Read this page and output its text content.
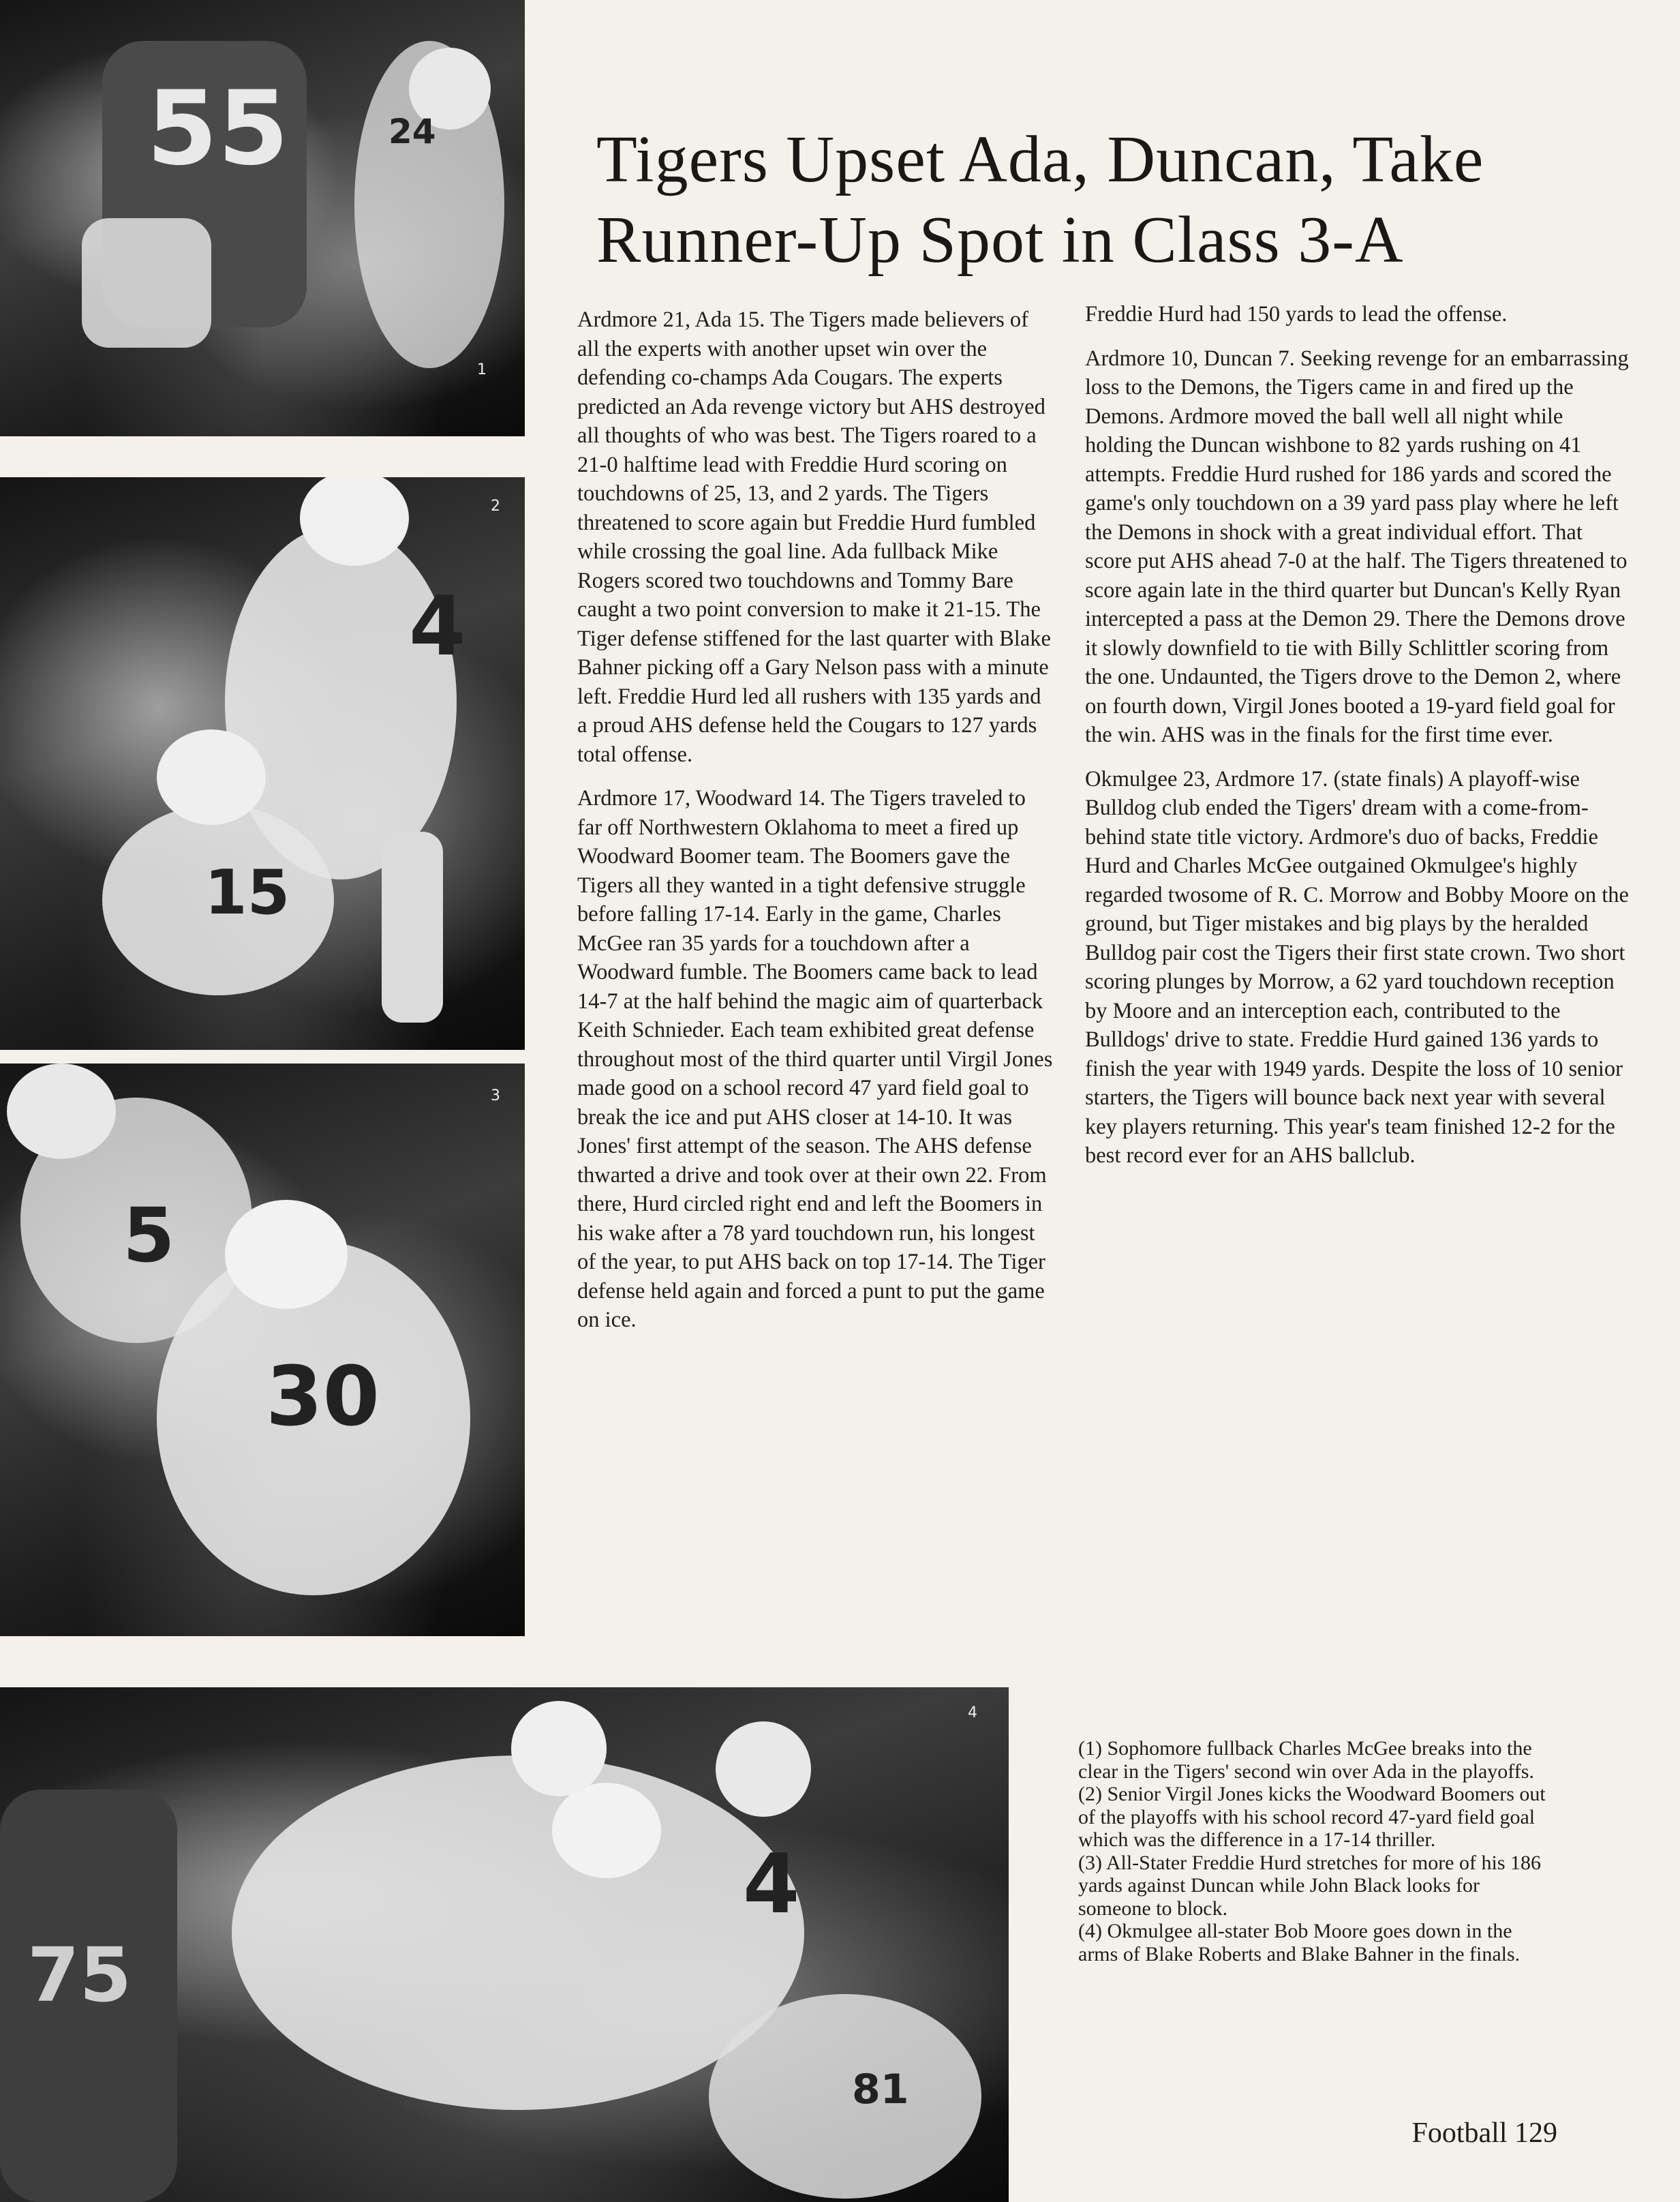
55	24
1
4
15
2
5
30
3
75
4
81
4
Tigers Upset Ada, Duncan, Take
Runner-Up Spot in Class 3-A

Ardmore 21, Ada 15. The Tigers made believers of all the experts with another upset win over the defending co-champs Ada Cougars. The experts predicted an Ada revenge victory but AHS destroyed all thoughts of who was best. The Tigers roared to a 21-0 halftime lead with Freddie Hurd scoring on touchdowns of 25, 13, and 2 yards. The Tigers threatened to score again but Freddie Hurd fumbled while crossing the goal line. Ada fullback Mike Rogers scored two touchdowns and Tommy Bare caught a two point conversion to make it 21-15. The Tiger defense stiffened for the last quarter with Blake Bahner picking off a Gary Nelson pass with a minute left. Freddie Hurd led all rushers with 135 yards and a proud AHS defense held the Cougars to 127 yards total offense.

Ardmore 17, Woodward 14. The Tigers traveled to far off Northwestern Oklahoma to meet a fired up Woodward Boomer team. The Boomers gave the Tigers all they wanted in a tight defensive struggle before falling 17-14. Early in the game, Charles McGee ran 35 yards for a touchdown after a Woodward fumble. The Boomers came back to lead 14-7 at the half behind the magic aim of quarterback Keith Schnieder. Each team exhibited great defense throughout most of the third quarter until Virgil Jones made good on a school record 47 yard field goal to break the ice and put AHS closer at 14-10. It was Jones' first attempt of the season. The AHS defense thwarted a drive and took over at their own 22. From there, Hurd circled right end and left the Boomers in his wake after a 78 yard touchdown run, his longest of the year, to put AHS back on top 17-14. The Tiger defense held again and forced a punt to put the game on ice.

Freddie Hurd had 150 yards to lead the offense.

Ardmore 10, Duncan 7. Seeking revenge for an embarrassing loss to the Demons, the Tigers came in and fired up the Demons. Ardmore moved the ball well all night while holding the Duncan wishbone to 82 yards rushing on 41 attempts. Freddie Hurd rushed for 186 yards and scored the game's only touchdown on a 39 yard pass play where he left the Demons in shock with a great individual effort. That score put AHS ahead 7-0 at the half. The Tigers threatened to score again late in the third quarter but Duncan's Kelly Ryan intercepted a pass at the Demon 29. There the Demons drove it slowly downfield to tie with Billy Schlittler scoring from the one. Undaunted, the Tigers drove to the Demon 2, where on fourth down, Virgil Jones booted a 19-yard field goal for the win. AHS was in the finals for the first time ever.

Okmulgee 23, Ardmore 17. (state finals) A playoff-wise Bulldog club ended the Tigers' dream with a come-from-behind state title victory. Ardmore's duo of backs, Freddie Hurd and Charles McGee outgained Okmulgee's highly regarded twosome of R. C. Morrow and Bobby Moore on the ground, but Tiger mistakes and big plays by the heralded Bulldog pair cost the Tigers their first state crown. Two short scoring plunges by Morrow, a 62 yard touchdown reception by Moore and an interception each, contributed to the Bulldogs' drive to state. Freddie Hurd gained 136 yards to finish the year with 1949 yards. Despite the loss of 10 senior starters, the Tigers will bounce back next year with several key players returning. This year's team finished 12-2 for the best record ever for an AHS ballclub.

(1) Sophomore fullback Charles McGee breaks into the clear in the Tigers' second win over Ada in the playoffs.

(2) Senior Virgil Jones kicks the Woodward Boomers out of the playoffs with his school record 47-yard field goal which was the difference in a 17-14 thriller.

(3) All-Stater Freddie Hurd stretches for more of his 186 yards against Duncan while John Black looks for someone to block.

(4) Okmulgee all-stater Bob Moore goes down in the arms of Blake Roberts and Blake Bahner in the finals.

Football 129
